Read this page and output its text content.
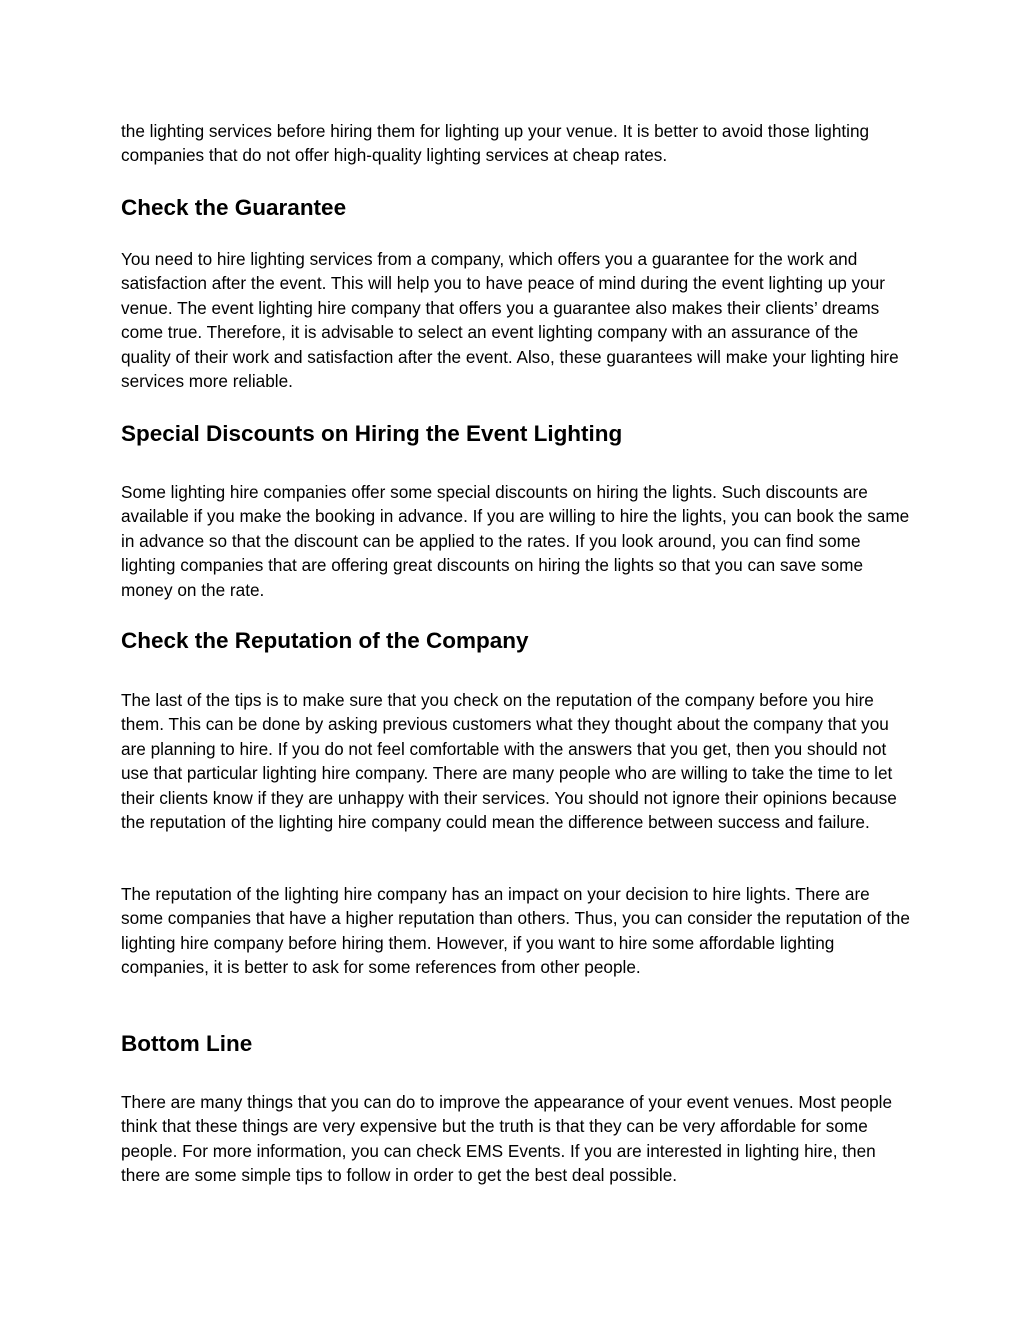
the lighting services before hiring them for lighting up your venue. It is better to avoid those lighting companies that do not offer high-quality lighting services at cheap rates.

Check the Guarantee

You need to hire lighting services from a company, which offers you a guarantee for the work and satisfaction after the event. This will help you to have peace of mind during the event lighting up your venue. The event lighting hire company that offers you a guarantee also makes their clients’ dreams come true. Therefore, it is advisable to select an event lighting company with an assurance of the quality of their work and satisfaction after the event. Also, these guarantees will make your lighting hire services more reliable.

Special Discounts on Hiring the Event Lighting

Some lighting hire companies offer some special discounts on hiring the lights. Such discounts are available if you make the booking in advance. If you are willing to hire the lights, you can book the same in advance so that the discount can be applied to the rates. If you look around, you can find some lighting companies that are offering great discounts on hiring the lights so that you can save some money on the rate.

Check the Reputation of the Company

The last of the tips is to make sure that you check on the reputation of the company before you hire them. This can be done by asking previous customers what they thought about the company that you are planning to hire. If you do not feel comfortable with the answers that you get, then you should not use that particular lighting hire company. There are many people who are willing to take the time to let their clients know if they are unhappy with their services. You should not ignore their opinions because the reputation of the lighting hire company could mean the difference between success and failure.

The reputation of the lighting hire company has an impact on your decision to hire lights. There are some companies that have a higher reputation than others. Thus, you can consider the reputation of the lighting hire company before hiring them. However, if you want to hire some affordable lighting companies, it is better to ask for some references from other people.

Bottom Line

There are many things that you can do to improve the appearance of your event venues. Most people think that these things are very expensive but the truth is that they can be very affordable for some people. For more information, you can check EMS Events. If you are interested in lighting hire, then there are some simple tips to follow in order to get the best deal possible.
